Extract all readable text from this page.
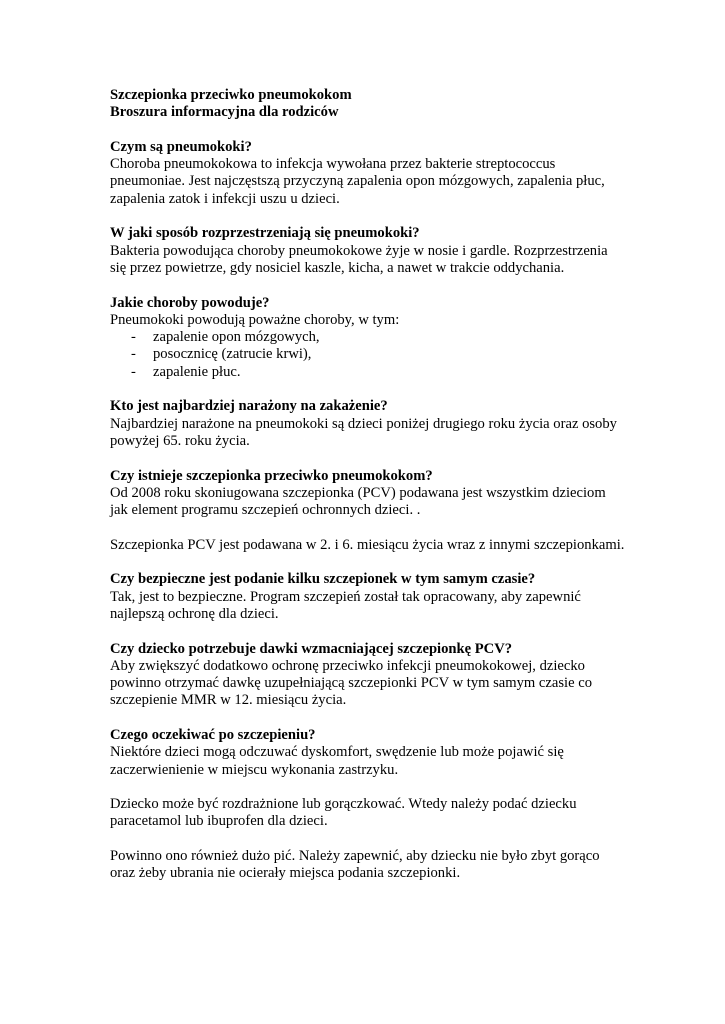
Szczepionka przeciwko pneumokokom
Broszura informacyjna dla rodziców
Czym są pneumokoki?

Choroba pneumokokowa to infekcja wywołana przez bakterie streptococcus pneumoniae. Jest najczęstszą przyczyną zapalenia opon mózgowych, zapalenia płuc, zapalenia zatok i infekcji uszu u dzieci.

W jaki sposób rozprzestrzeniają się pneumokoki?

Bakteria powodująca choroby pneumokokowe żyje w nosie i gardle. Rozprzestrzenia się przez powietrze, gdy nosiciel kaszle, kicha, a nawet w trakcie oddychania.

Jakie choroby powoduje?

Pneumokoki powodują poważne choroby, w tym:

- zapalenie opon mózgowych,
- posocznicę (zatrucie krwi),
- zapalenie płuc.
Kto jest najbardziej narażony na zakażenie?

Najbardziej narażone na pneumokoki są dzieci poniżej drugiego roku życia oraz osoby powyżej 65. roku życia.

Czy istnieje szczepionka przeciwko pneumokokom?

Od 2008 roku skoniugowana szczepionka (PCV) podawana jest wszystkim dzieciom jak element programu szczepień ochronnych dzieci. .

Szczepionka PCV jest podawana w 2. i 6. miesiącu życia wraz z innymi szczepionkami.

Czy bezpieczne jest podanie kilku szczepionek w tym samym czasie?

Tak, jest to bezpieczne. Program szczepień został tak opracowany, aby zapewnić najlepszą ochronę dla dzieci.

Czy dziecko potrzebuje dawki wzmacniającej szczepionkę PCV?

Aby zwiększyć dodatkowo ochronę przeciwko infekcji pneumokokowej, dziecko powinno otrzymać dawkę uzupełniającą szczepionki PCV w tym samym czasie co szczepienie MMR w 12. miesiącu życia.

Czego oczekiwać po szczepieniu?

Niektóre dzieci mogą odczuwać dyskomfort, swędzenie lub może pojawić się zaczerwienienie w miejscu wykonania zastrzyku.

Dziecko może być rozdrażnione lub gorączkować. Wtedy należy podać dziecku paracetamol lub ibuprofen dla dzieci.

Powinno ono również dużo pić. Należy zapewnić, aby dziecku nie było zbyt gorąco oraz żeby ubrania nie ocierały miejsca podania szczepionki.
